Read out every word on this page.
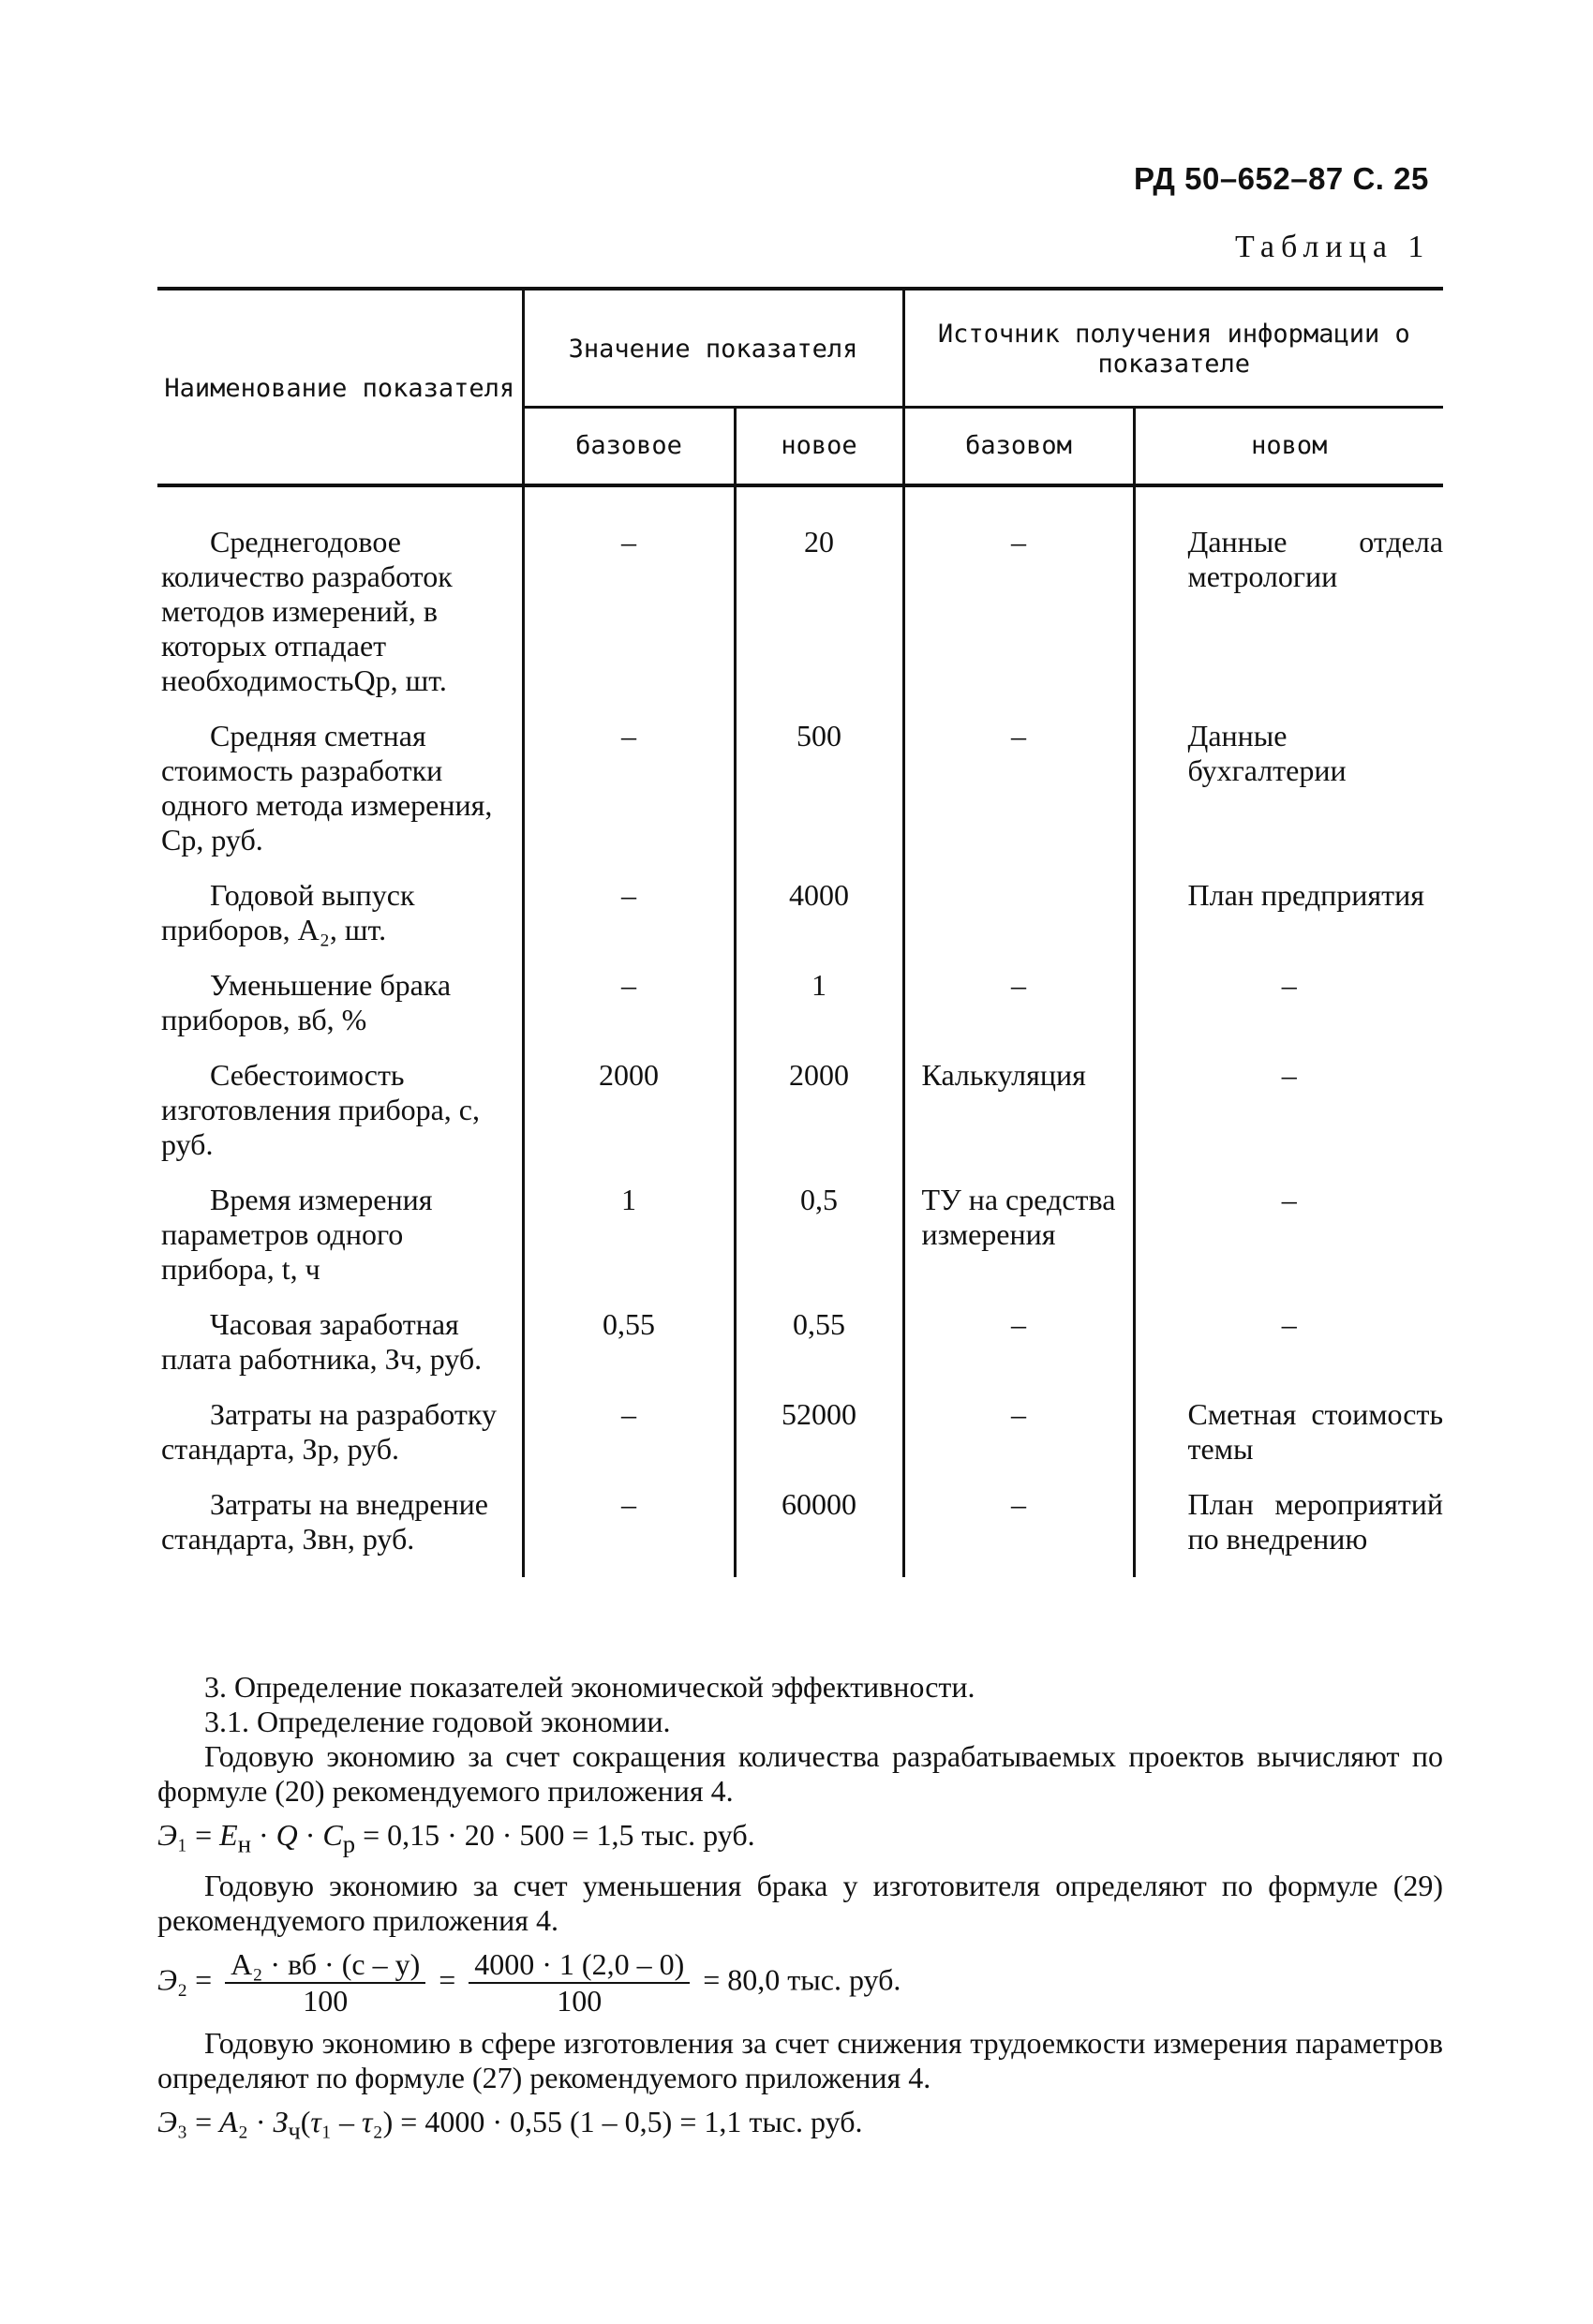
РД 50–652–87 С. 25
Таблица 1
Наименование показателя	Значение показателя		Источник получения информации о показателе	
	базовое	новое	базовом	новом
Среднегодовое количество разработок методов измерений, в которых отпадает необходимостьQр, шт.	–	20	–	Данные отдела метрологии
Средняя сметная стоимость разработки одного метода измерения, Cр, руб.	–	500	–	Данные бухгалтерии
Годовой выпуск приборов, A₂, шт.	–	4000		План предприятия
Уменьшение брака приборов, вб, %	–	1	–	–
Себестоимость изготовления прибора, c, руб.	2000	2000	Калькуляция	–
Время измерения параметров одного прибора, t, ч	1	0,5	ТУ на средства измерения	–
Часовая заработная плата работника, Зч, руб.	0,55	0,55	–	–
Затраты на разработку стандарта, Зр, руб.	–	52000	–	Сметная стоимость темы
Затраты на внедрение стандарта, Звн, руб.	–	60000	–	План мероприятий по внедрению

3. Определение показателей экономической эффективности.

3.1. Определение годовой экономии.

Годовую экономию за счет сокращения количества разрабатываемых проектов вычисляют по формуле (20) рекомендуемого приложения 4.

$Э_1 = E_н \cdot Q \cdot C_р = 0,15 \cdot 20 \cdot 500 = 1,5$ тыс. руб.

Годовую экономию за счет уменьшения брака у изготовителя определяют по формуле (29) рекомендуемого приложения 4.

$Э_2 = \frac{\text{A₂ · вб · (c – y)}}{100} = \frac{4000 \cdot 1 (2,0 - 0)}{100} = 80,0$ тыс. руб.

Годовую экономию в сфере изготовления за счет снижения трудоемкости измерения параметров определяют по формуле (27) рекомендуемого приложения 4.

$Э_3 = A_2 \cdot З_ч(\tau_1 - \tau_2) = 4000 \cdot 0,55$ (1 – 0,5) = 1,1 тыс. руб.
